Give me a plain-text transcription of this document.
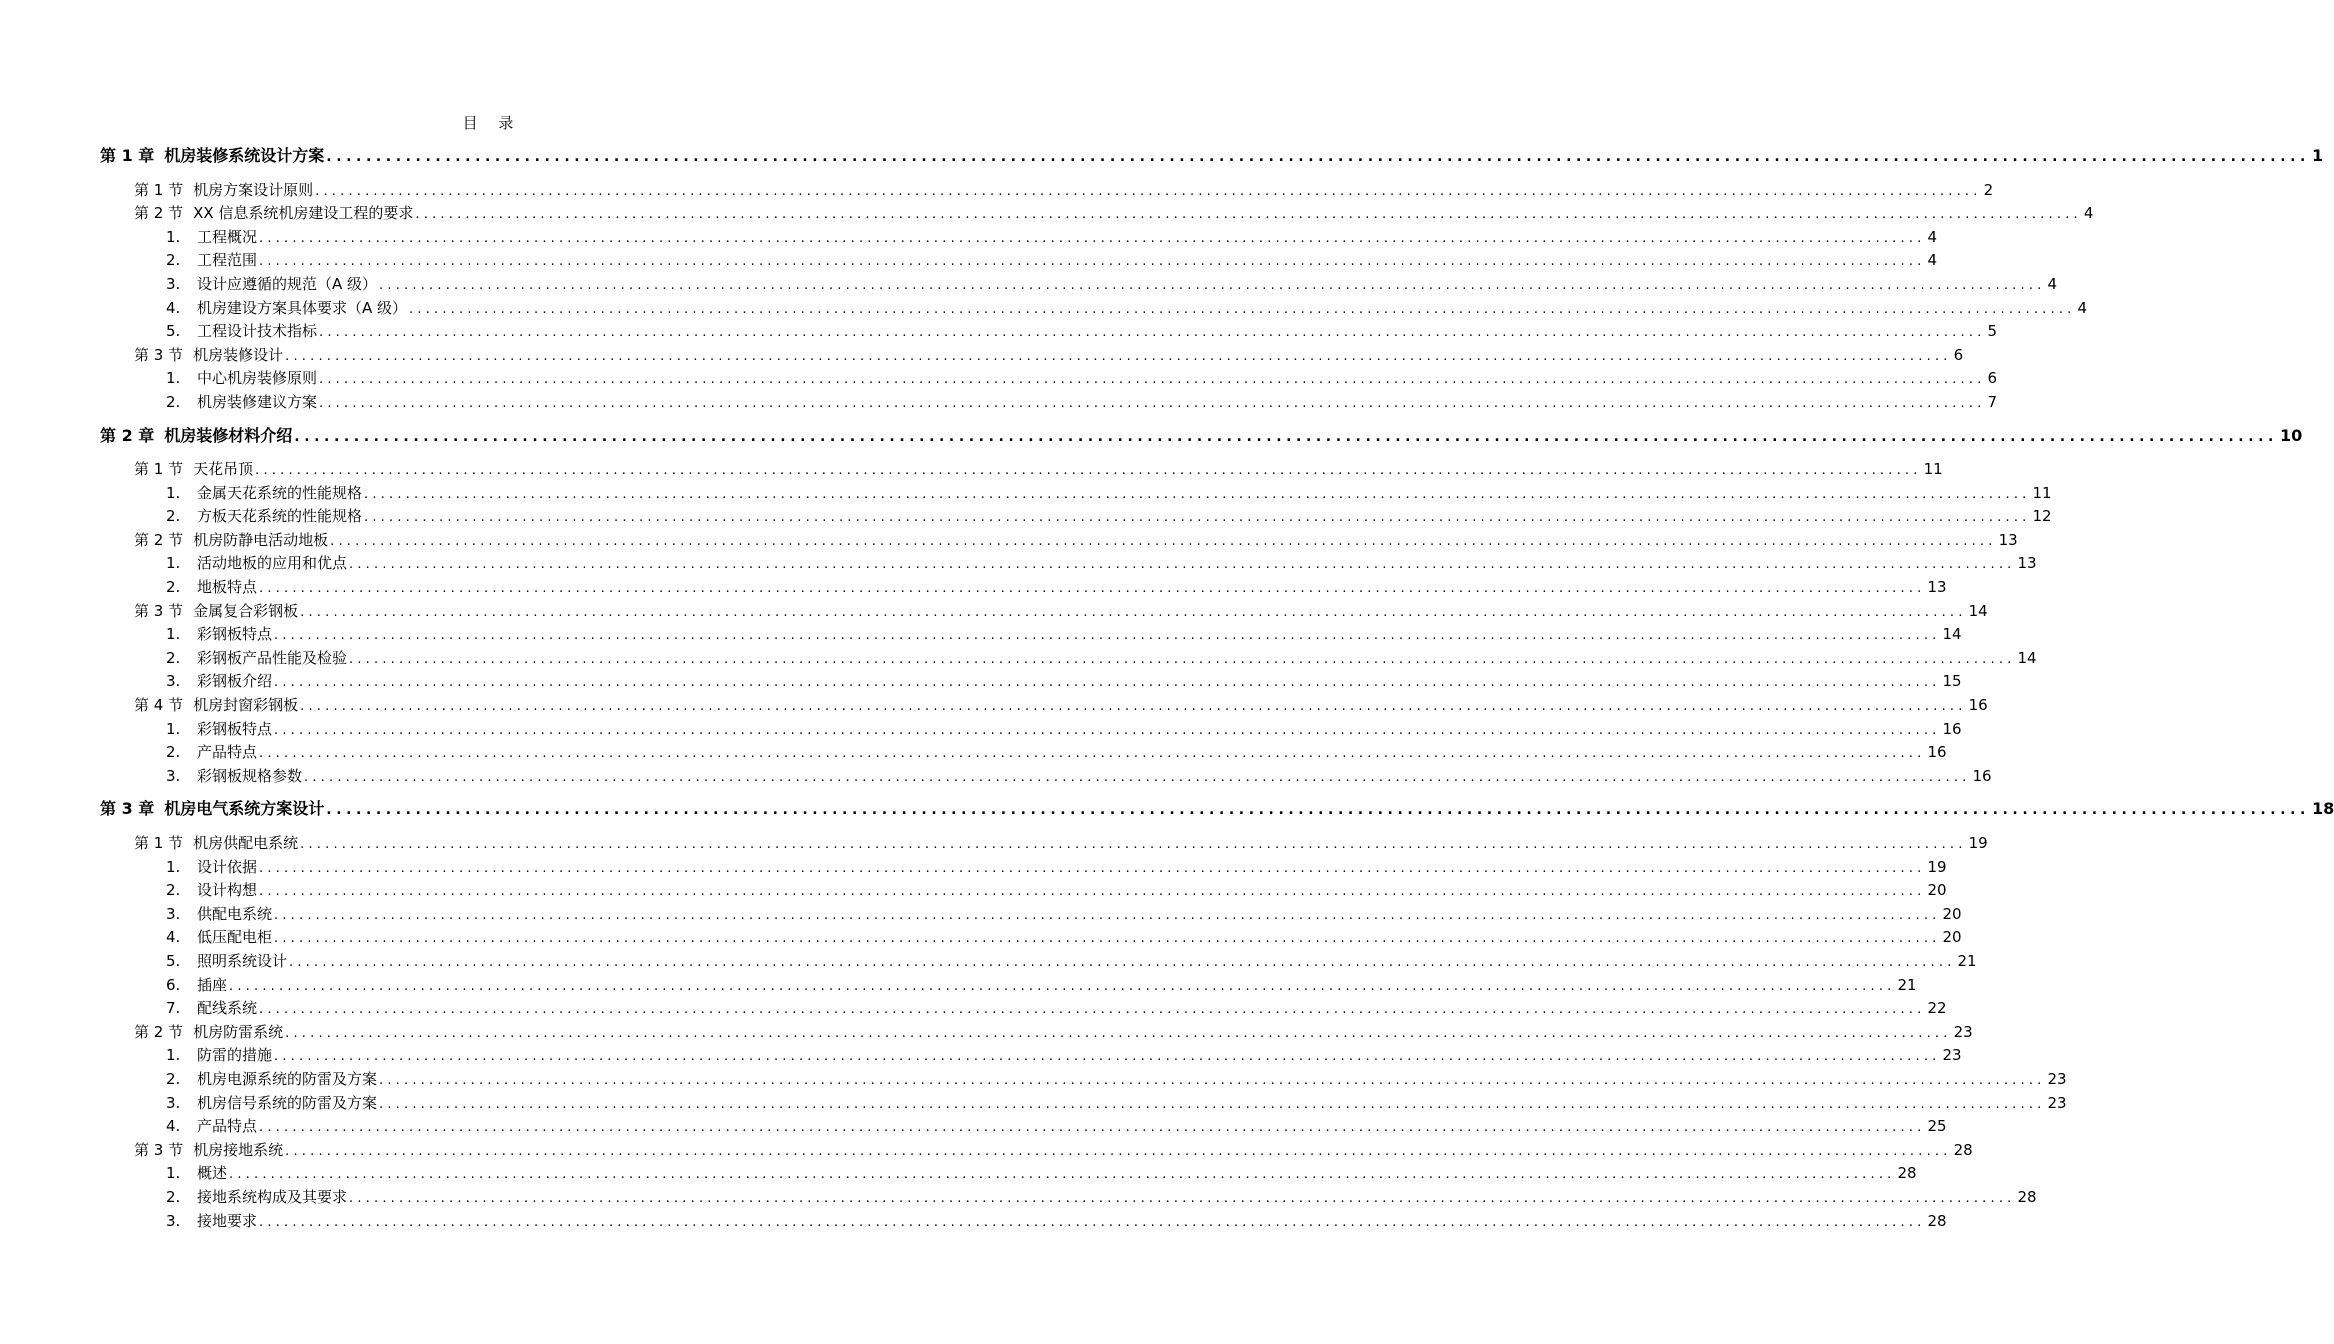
目 录
第 1 章 机房装修系统设计方案 ........................................................................................................................................................................................................ 1
第 1 节 机房方案设计原则 ........................................................................................................................................................................................................ 2
第 2 节 XX 信息系统机房建设工程的要求 ........................................................................................................................................................................................................ 4
1. 工程概况 ........................................................................................................................................................................................................ 4
2. 工程范围 ........................................................................................................................................................................................................ 4
3. 设计应遵循的规范（A 级） ........................................................................................................................................................................................................ 4
4. 机房建设方案具体要求（A 级） ........................................................................................................................................................................................................ 4
5. 工程设计技术指标 ........................................................................................................................................................................................................ 5
第 3 节 机房装修设计 ........................................................................................................................................................................................................ 6
1. 中心机房装修原则 ........................................................................................................................................................................................................ 6
2. 机房装修建议方案 ........................................................................................................................................................................................................ 7
第 2 章 机房装修材料介绍 ........................................................................................................................................................................................................ 10
第 1 节 天花吊顶 ........................................................................................................................................................................................................ 11
1. 金属天花系统的性能规格 ........................................................................................................................................................................................................ 11
2. 方板天花系统的性能规格 ........................................................................................................................................................................................................ 12
第 2 节 机房防静电活动地板 ........................................................................................................................................................................................................ 13
1. 活动地板的应用和优点 ........................................................................................................................................................................................................ 13
2. 地板特点 ........................................................................................................................................................................................................ 13
第 3 节 金属复合彩钢板 ........................................................................................................................................................................................................ 14
1. 彩钢板特点 ........................................................................................................................................................................................................ 14
2. 彩钢板产品性能及检验 ........................................................................................................................................................................................................ 14
3. 彩钢板介绍 ........................................................................................................................................................................................................ 15
第 4 节 机房封窗彩钢板 ........................................................................................................................................................................................................ 16
1. 彩钢板特点 ........................................................................................................................................................................................................ 16
2. 产品特点 ........................................................................................................................................................................................................ 16
3. 彩钢板规格参数 ........................................................................................................................................................................................................ 16
第 3 章 机房电气系统方案设计 ........................................................................................................................................................................................................ 18
第 1 节 机房供配电系统 ........................................................................................................................................................................................................ 19
1. 设计依据 ........................................................................................................................................................................................................ 19
2. 设计构想 ........................................................................................................................................................................................................ 20
3. 供配电系统 ........................................................................................................................................................................................................ 20
4. 低压配电柜 ........................................................................................................................................................................................................ 20
5. 照明系统设计 ........................................................................................................................................................................................................ 21
6. 插座 ........................................................................................................................................................................................................ 21
7. 配线系统 ........................................................................................................................................................................................................ 22
第 2 节 机房防雷系统 ........................................................................................................................................................................................................ 23
1. 防雷的措施 ........................................................................................................................................................................................................ 23
2. 机房电源系统的防雷及方案 ........................................................................................................................................................................................................ 23
3. 机房信号系统的防雷及方案 ........................................................................................................................................................................................................ 23
4. 产品特点 ........................................................................................................................................................................................................ 25
第 3 节 机房接地系统 ........................................................................................................................................................................................................ 28
1. 概述 ........................................................................................................................................................................................................ 28
2. 接地系统构成及其要求 ........................................................................................................................................................................................................ 28
3. 接地要求 ........................................................................................................................................................................................................ 28
